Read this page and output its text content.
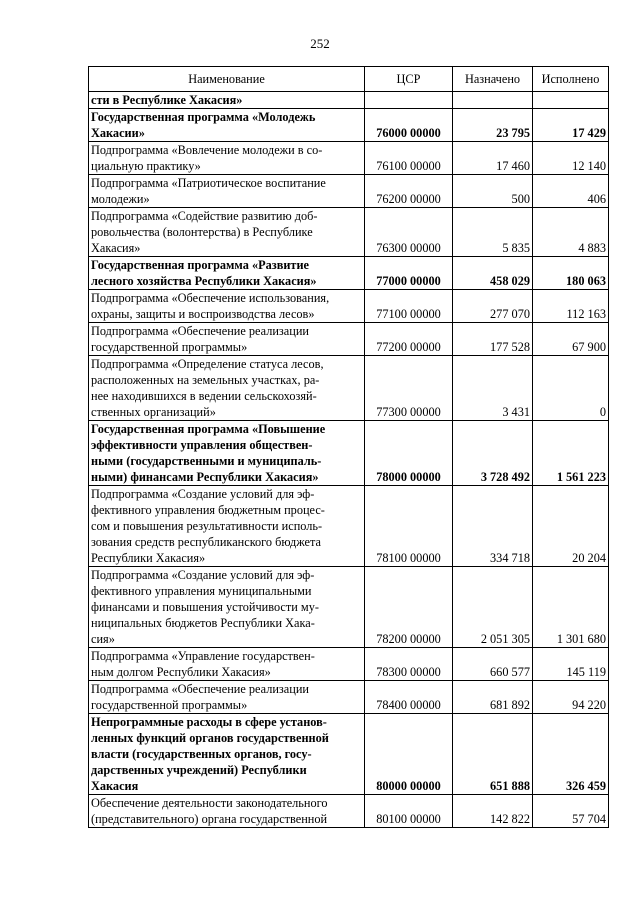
252
Наименование	ЦСР	Назначено	Исполнено
сти в Республике Хакасия»			
Государственная программа «Молодежь
Хакасии»	76000 00000	23 795	17 429
Подпрограмма «Вовлечение молодежи в со-
циальную практику»	76100 00000	17 460	12 140
Подпрограмма «Патриотическое воспитание
молодежи»	76200 00000	500	406
Подпрограмма «Содействие развитию доб-
ровольчества (волонтерства) в Республике
Хакасия»	76300 00000	5 835	4 883
Государственная программа «Развитие
лесного хозяйства Республики Хакасия»	77000 00000	458 029	180 063
Подпрограмма «Обеспечение использования,
охраны, защиты и воспроизводства лесов»	77100 00000	277 070	112 163
Подпрограмма «Обеспечение реализации
государственной программы»	77200 00000	177 528	67 900
Подпрограмма «Определение статуса лесов,
расположенных на земельных участках, ра-
нее находившихся в ведении сельскохозяй-
ственных организаций»	77300 00000	3 431	0
Государственная программа «Повышение
эффективности управления обществен-
ными (государственными и муниципаль-
ными) финансами Республики Хакасия»	78000 00000	3 728 492	1 561 223
Подпрограмма «Создание условий для эф-
фективного управления бюджетным процес-
сом и повышения результативности исполь-
зования средств республиканского бюджета
Республики Хакасия»	78100 00000	334 718	20 204
Подпрограмма «Создание условий для эф-
фективного управления муниципальными
финансами и повышения устойчивости му-
ниципальных бюджетов Республики Хака-
сия»	78200 00000	2 051 305	1 301 680
Подпрограмма «Управление государствен-
ным долгом Республики Хакасия»	78300 00000	660 577	145 119
Подпрограмма «Обеспечение реализации
государственной программы»	78400 00000	681 892	94 220
Непрограммные расходы в сфере установ-
ленных функций органов государственной
власти (государственных органов, госу-
дарственных учреждений) Республики
Хакасия	80000 00000	651 888	326 459
Обеспечение деятельности законодательного
(представительного) органа государственной	80100 00000	142 822	57 704
